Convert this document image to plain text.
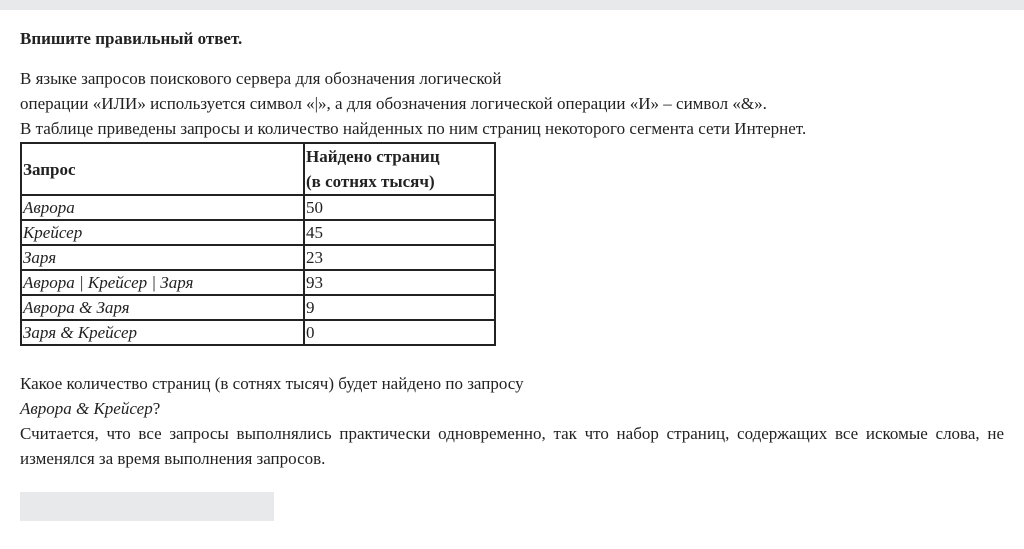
Впишите правильный ответ.
В языке запросов поискового сервера для обозначения логической
операции «ИЛИ» используется символ «|», а для обозначения логической операции «И» – символ «&».
В таблице приведены запросы и количество найденных по ним страниц некоторого сегмента сети Интернет.
Запрос	Найдено страниц
(в сотнях тысяч)
Аврора	50
Крейсер	45
Заря	23
Аврора | Крейсер | Заря	93
Аврора & Заря	9
Заря & Крейсер	0

Какое количество страниц (в сотнях тысяч) будет найдено по запросу

Аврора & Крейсер?

Считается, что все запросы выполнялись практически одновременно, так что набор страниц, содержащих все искомые слова, не изменялся за время выполнения запросов.
